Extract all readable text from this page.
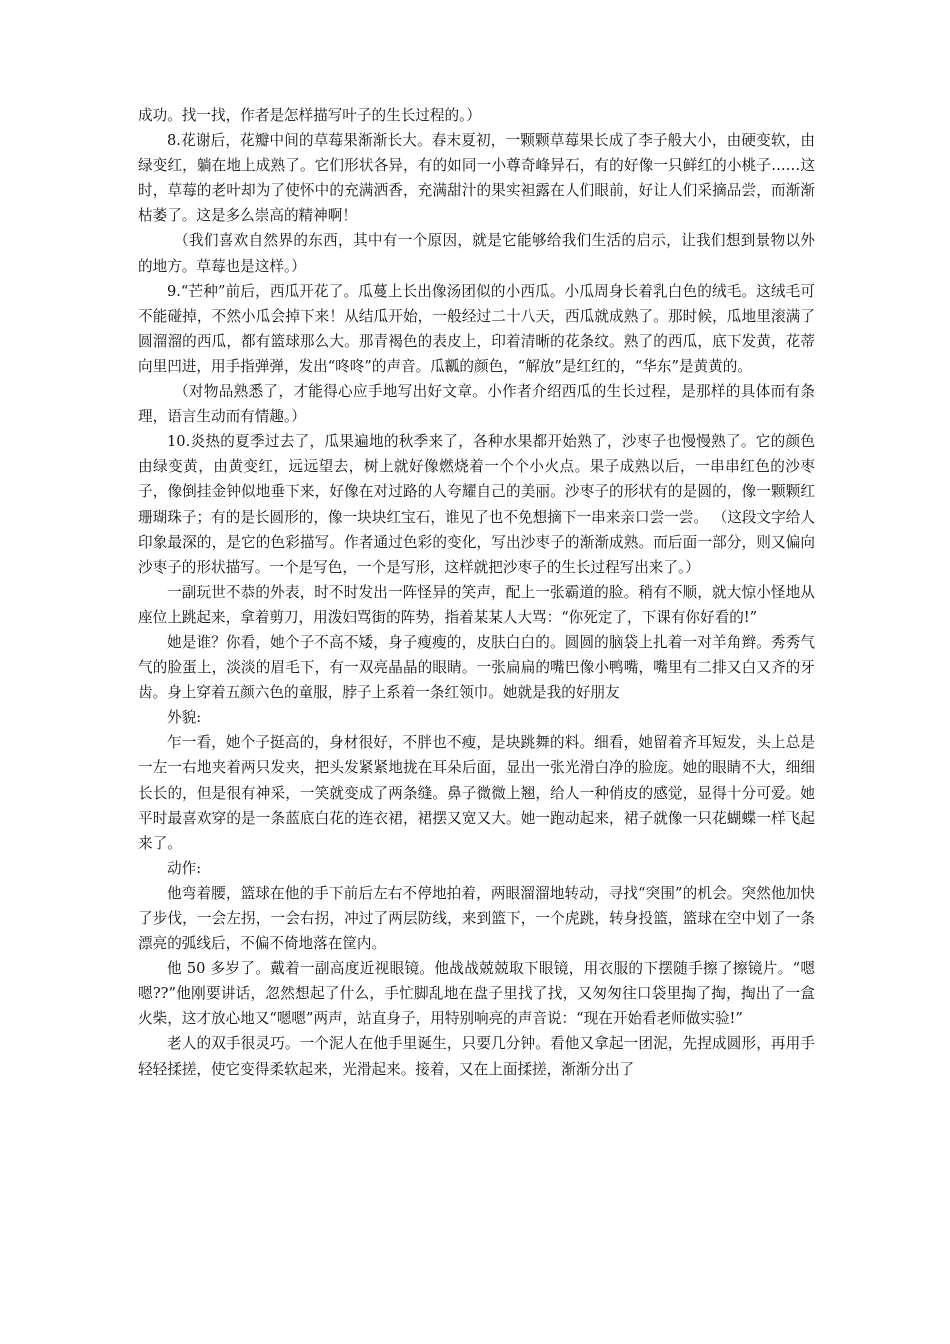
成功。找一找，作者是怎样描写叶子的生长过程的。）

8.花谢后，花瓣中间的草莓果渐渐长大。春末夏初，一颗颗草莓果长成了李子般大小，由硬变软，由绿变红，躺在地上成熟了。它们形状各异，有的如同一小尊奇峰异石，有的好像一只鲜红的小桃子……这时，草莓的老叶却为了使怀中的充满洒香，充满甜汁的果实袒露在人们眼前，好让人们采摘品尝，而渐渐枯萎了。这是多么崇高的精神啊！

（我们喜欢自然界的东西，其中有一个原因，就是它能够给我们生活的启示，让我们想到景物以外的地方。草莓也是这样。）

9.“芒种”前后，西瓜开花了。瓜蔓上长出像汤团似的小西瓜。小瓜周身长着乳白色的绒毛。这绒毛可不能碰掉，不然小瓜会掉下来！从结瓜开始，一般经过二十八天，西瓜就成熟了。那时候，瓜地里滚满了圆溜溜的西瓜，都有篮球那么大。那青褐色的表皮上，印着清晰的花条纹。熟了的西瓜，底下发黄，花蒂向里凹进，用手指弹弹，发出“咚咚”的声音。瓜瓤的颜色，“解放”是红红的，“华东”是黄黄的。

（对物品熟悉了，才能得心应手地写出好文章。小作者介绍西瓜的生长过程，是那样的具体而有条理，语言生动而有情趣。）

10.炎热的夏季过去了，瓜果遍地的秋季来了，各种水果都开始熟了，沙枣子也慢慢熟了。它的颜色由绿变黄，由黄变红，远远望去，树上就好像燃烧着一个个小火点。果子成熟以后，一串串红色的沙枣子，像倒挂金钟似地垂下来，好像在对过路的人夸耀自己的美丽。沙枣子的形状有的是圆的，像一颗颗红珊瑚珠子；有的是长圆形的，像一块块红宝石，谁见了也不免想摘下一串来亲口尝一尝。 （这段文字给人印象最深的，是它的色彩描写。作者通过色彩的变化，写出沙枣子的渐渐成熟。而后面一部分，则又偏向沙枣子的形状描写。一个是写色，一个是写形，这样就把沙枣子的生长过程写出来了。）

一副玩世不恭的外表，时不时发出一阵怪异的笑声，配上一张霸道的脸。稍有不顺，就大惊小怪地从座位上跳起来，拿着剪刀，用泼妇骂街的阵势，指着某某人大骂：“你死定了，下课有你好看的!”

她是谁？你看，她个子不高不矮，身子瘦瘦的，皮肤白白的。圆圆的脑袋上扎着一对羊角辫。秀秀气气的脸蛋上，淡淡的眉毛下，有一双亮晶晶的眼睛。一张扁扁的嘴巴像小鸭嘴，嘴里有二排又白又齐的牙齿。身上穿着五颜六色的童服，脖子上系着一条红领巾。她就是我的好朋友

外貌:

乍一看，她个子挺高的，身材很好，不胖也不瘦，是块跳舞的料。细看，她留着齐耳短发，头上总是一左一右地夹着两只发夹，把头发紧紧地拢在耳朵后面，显出一张光滑白净的脸庞。她的眼睛不大，细细长长的，但是很有神采，一笑就变成了两条缝。鼻子微微上翘，给人一种俏皮的感觉，显得十分可爱。她平时最喜欢穿的是一条蓝底白花的连衣裙，裙摆又宽又大。她一跑动起来，裙子就像一只花蝴蝶一样飞起来了。

动作:

他弯着腰，篮球在他的手下前后左右不停地拍着，两眼溜溜地转动，寻找“突围”的机会。突然他加快了步伐，一会左拐，一会右拐，冲过了两层防线，来到篮下，一个虎跳，转身投篮，篮球在空中划了一条漂亮的弧线后，不偏不倚地落在筐内。

他 50 多岁了。戴着一副高度近视眼镜。他战战兢兢取下眼镜，用衣服的下摆随手擦了擦镜片。“嗯嗯??”他刚要讲话，忽然想起了什么，手忙脚乱地在盘子里找了找，又匆匆往口袋里掏了掏，掏出了一盒火柴，这才放心地又“嗯嗯”两声，站直身子，用特别响亮的声音说：“现在开始看老师做实验!”

老人的双手很灵巧。一个泥人在他手里诞生，只要几分钟。看他又拿起一团泥，先捏成圆形，再用手轻轻揉搓，使它变得柔软起来，光滑起来。接着，又在上面揉搓，渐渐分出了
